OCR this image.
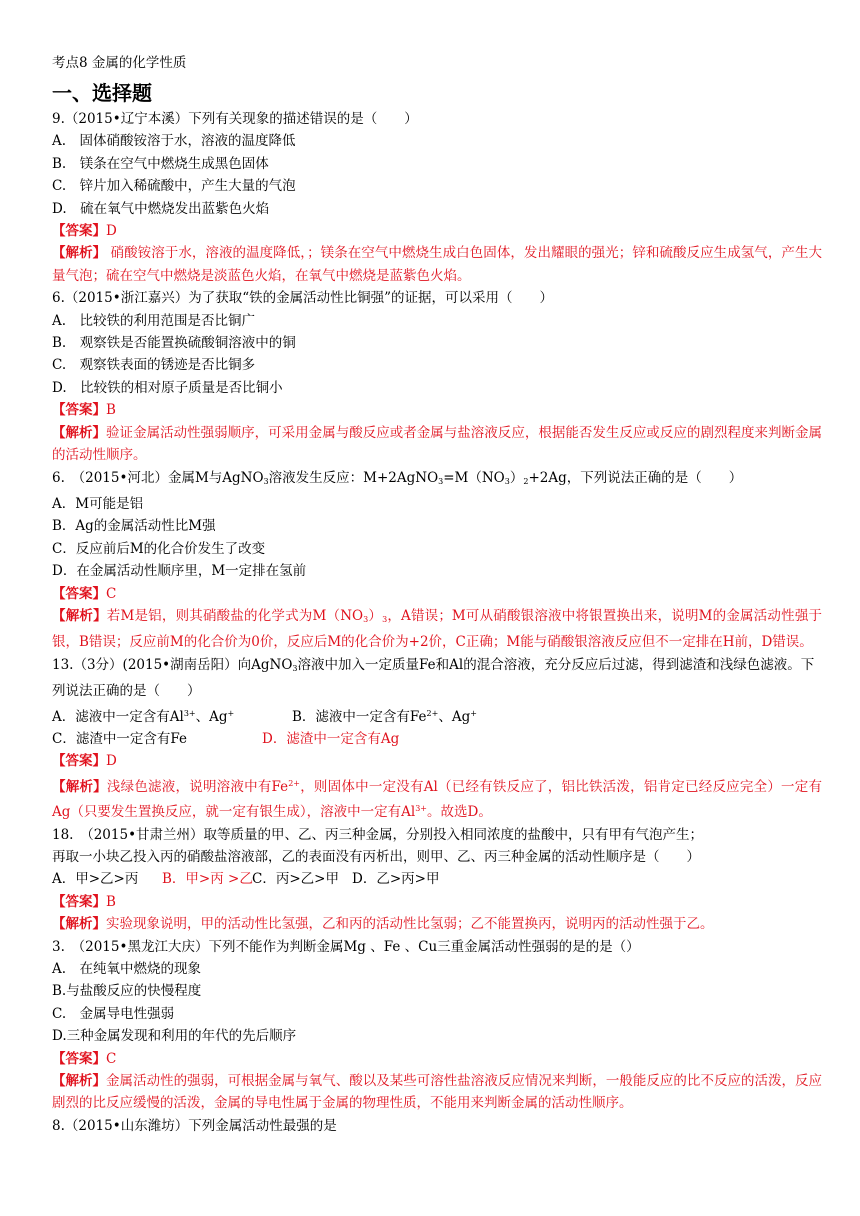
考点8 金属的化学性质
一、选择题
9.（2015•辽宁本溪）下列有关现象的描述错误的是（　　）
A.　固体硝酸铵溶于水，溶液的温度降低
B.　镁条在空气中燃烧生成黑色固体
C.　锌片加入稀硫酸中，产生大量的气泡
D.　硫在氧气中燃烧发出蓝紫色火焰
【答案】D
【解析】 硝酸铵溶于水，溶液的温度降低，；镁条在空气中燃烧生成白色固体，发出耀眼的强光；锌和硫酸反应生成氢气，产生大量气泡；硫在空气中燃烧是淡蓝色火焰，在氧气中燃烧是蓝紫色火焰。
6.（2015•浙江嘉兴）为了获取“铁的金属活动性比铜强”的证据，可以采用（　　）
A.　比较铁的利用范围是否比铜广
B.　观察铁是否能置换硫酸铜溶液中的铜
C.　观察铁表面的锈迹是否比铜多
D.　比较铁的相对原子质量是否比铜小
【答案】B
【解析】验证金属活动性强弱顺序，可采用金属与酸反应或者金属与盐溶液反应，根据能否发生反应或反应的剧烈程度来判断金属的活动性顺序。
6.　（2015•河北）金属M与AgNO$_3$溶液发生反应：$M+2AgNO_3=M(NO_3)_2+2Ag$，下列说法正确的是（　　）
A．M可能是铝
B．Ag的金属活动性比M强
C．反应前后M的化合价发生了改变
D．在金属活动性顺序里，M一定排在氢前
【答案】C
【解析】若M是铝，则其硝酸盐的化学式为$M(NO_3)_3$，A错误；M可从硝酸银溶液中将银置换出来，说明M的金属活动性强于银，B错误；反应前M的化合价为0价，反应后M的化合价为+2价，C正确；M能与硝酸银溶液反应但不一定排在H前，D错误。
13.（3分）(2015•湖南岳阳）向AgNO$_3$溶液中加入一定质量Fe和Al的混合溶液，充分反应后过滤，得到滤渣和浅绿色滤液。下列说法正确的是（　　）
A．滤液中一定含有$Al^{3+}$、Ag+	B．滤液中一定含有$Fe^{2+}$、Ag+
C．滤渣中一定含有Fe	D．滤渣中一定含有Ag
【答案】D
【解析】浅绿色滤液，说明溶液中有$Fe^{2+}$，则固体中一定没有Al（已经有铁反应了，铝比铁活泼，铝肯定已经反应完全）一定有Ag（只要发生置换反应，就一定有银生成），溶液中一定有$Al^{3+}$。故选D。
18.　（2015•甘肃兰州）取等质量的甲、乙、丙三种金属，分别投入相同浓度的盐酸中，只有甲有气泡产生；
再取一小块乙投入丙的硝酸盐溶液部，乙的表面没有丙析出，则甲、乙、丙三种金属的活动性顺序是（　　）
A．甲>乙>丙 B．甲>丙 >乙C．丙>乙>甲 D．乙>丙>甲
【答案】B
【解析】实验现象说明，甲的活动性比氢强，乙和丙的活动性比氢弱；乙不能置换丙，说明丙的活动性强于乙。
3.　（2015•黑龙江大庆）下列不能作为判断金属Mg 、Fe 、Cu三重金属活动性强弱的是的是（）
A.　在纯氧中燃烧的现象
B.与盐酸反应的快慢程度
C.　金属导电性强弱
D.三种金属发现和利用的年代的先后顺序
【答案】C
【解析】金属活动性的强弱，可根据金属与氧气、酸以及某些可溶性盐溶液反应情况来判断，一般能反应的比不反应的活泼，反应剧烈的比反应缓慢的活泼，金属的导电性属于金属的物理性质，不能用来判断金属的活动性顺序。
8.（2015•山东潍坊）下列金属活动性最强的是
